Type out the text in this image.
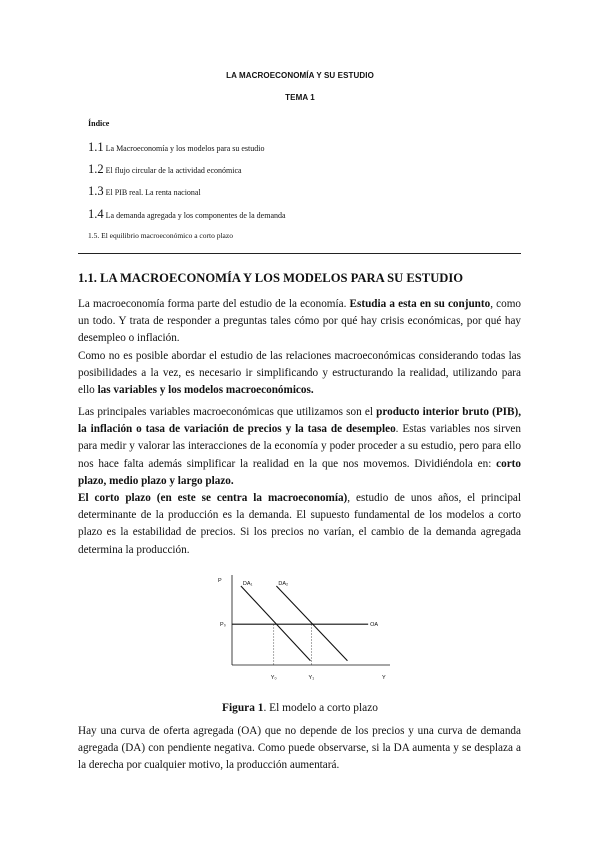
LA MACROECONOMÍA Y SU ESTUDIO
TEMA 1
Índice
1.1 La Macroeconomía y los modelos para su estudio
1.2 El flujo circular de la actividad económica
1.3 El PIB real. La renta nacional
1.4 La demanda agregada y los componentes de la demanda
1.5. El equilibrio macroeconómico a corto plazo
1.1. LA MACROECONOMÍA Y LOS MODELOS PARA SU ESTUDIO
La macroeconomía forma parte del estudio de la economía. Estudia a esta en su conjunto, como un todo. Y trata de responder a preguntas tales cómo por qué hay crisis económicas, por qué hay desempleo o inflación.
Como no es posible abordar el estudio de las relaciones macroeconómicas considerando todas las posibilidades a la vez, es necesario ir simplificando y estructurando la realidad, utilizando para ello las variables y los modelos macroeconómicos.
Las principales variables macroeconómicas que utilizamos son el producto interior bruto (PIB), la inflación o tasa de variación de precios y la tasa de desempleo. Estas variables nos sirven para medir y valorar las interacciones de la economía y poder proceder a su estudio, pero para ello nos hace falta además simplificar la realidad en la que nos movemos. Dividiéndola en: corto plazo, medio plazo y largo plazo.
El corto plazo (en este se centra la macroeconomía), estudio de unos años, el principal determinante de la producción es la demanda. El supuesto fundamental de los modelos a corto plazo es la estabilidad de precios. Si los precios no varían, el cambio de la demanda agregada determina la producción.
P
Y
DA₁	DA₂
OA
P₀
Y₀	Y₁
Figura 1. El modelo a corto plazo
Hay una curva de oferta agregada (OA) que no depende de los precios y una curva de demanda agregada (DA) con pendiente negativa. Como puede observarse, si la DA aumenta y se desplaza a la derecha por cualquier motivo, la producción aumentará.
